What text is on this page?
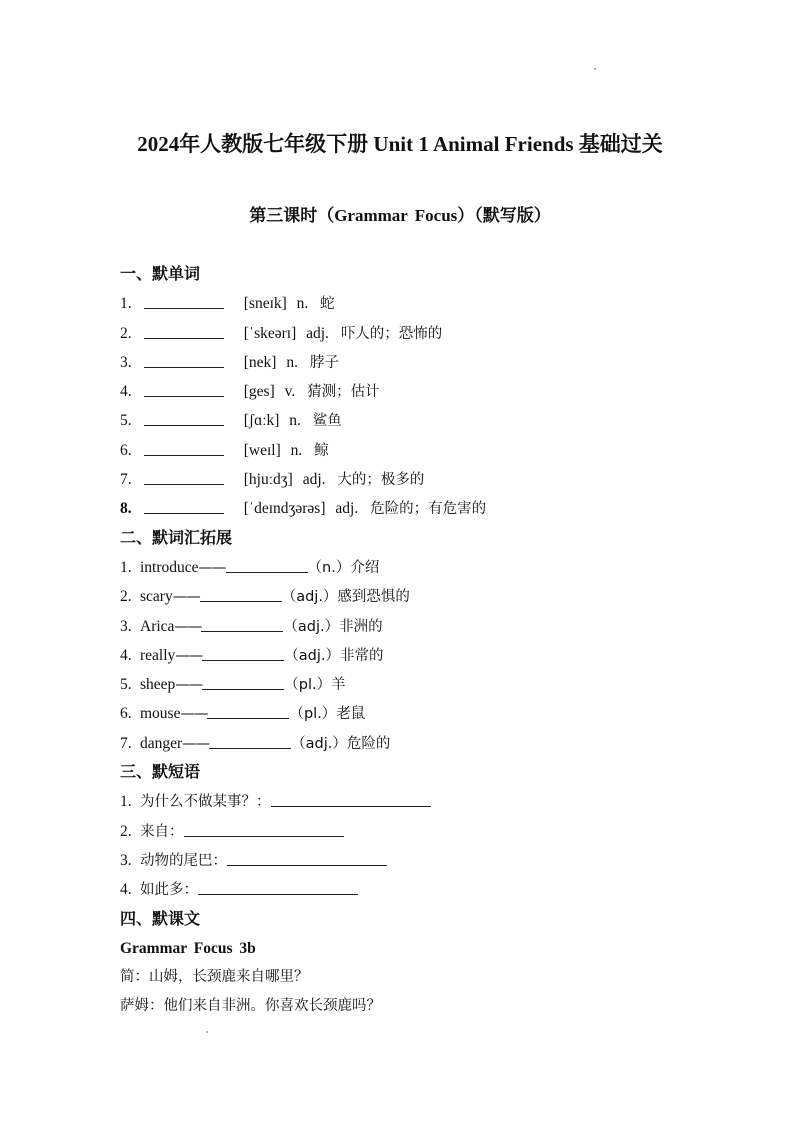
2024年人教版七年级下册 Unit 1 Animal Friends 基础过关
第三课时（Grammar Focus）（默写版）
一、默单词
1.	[sneɪk] n. 蛇
2.	[ˈskeərɪ] adj. 吓人的；恐怖的
3.	[nek] n. 脖子
4.	[ges] v. 猜测；估计
5.	[ʃɑːk] n. 鲨鱼
6.	[weɪl] n. 鲸
7.	[hjuːdʒ] adj. 大的；极多的
8.	[ˈdeɪndʒərəs] adj. 危险的；有危害的
二、默词汇拓展
1. introduce——	（n.）介绍
2. scary——	（adj.）感到恐惧的
3. Arica——	（adj.）非洲的
4. really——	（adj.）非常的
5. sheep——	（pl.）羊
6. mouse——	（pl.）老鼠
7. danger——	（adj.）危险的
三、默短语
1. 为什么不做某事？：
2. 来自：
3. 动物的尾巴：
4. 如此多：
四、默课文
Grammar Focus 3b
简：山姆，长颈鹿来自哪里？
萨姆：他们来自非洲。你喜欢长颈鹿吗？
